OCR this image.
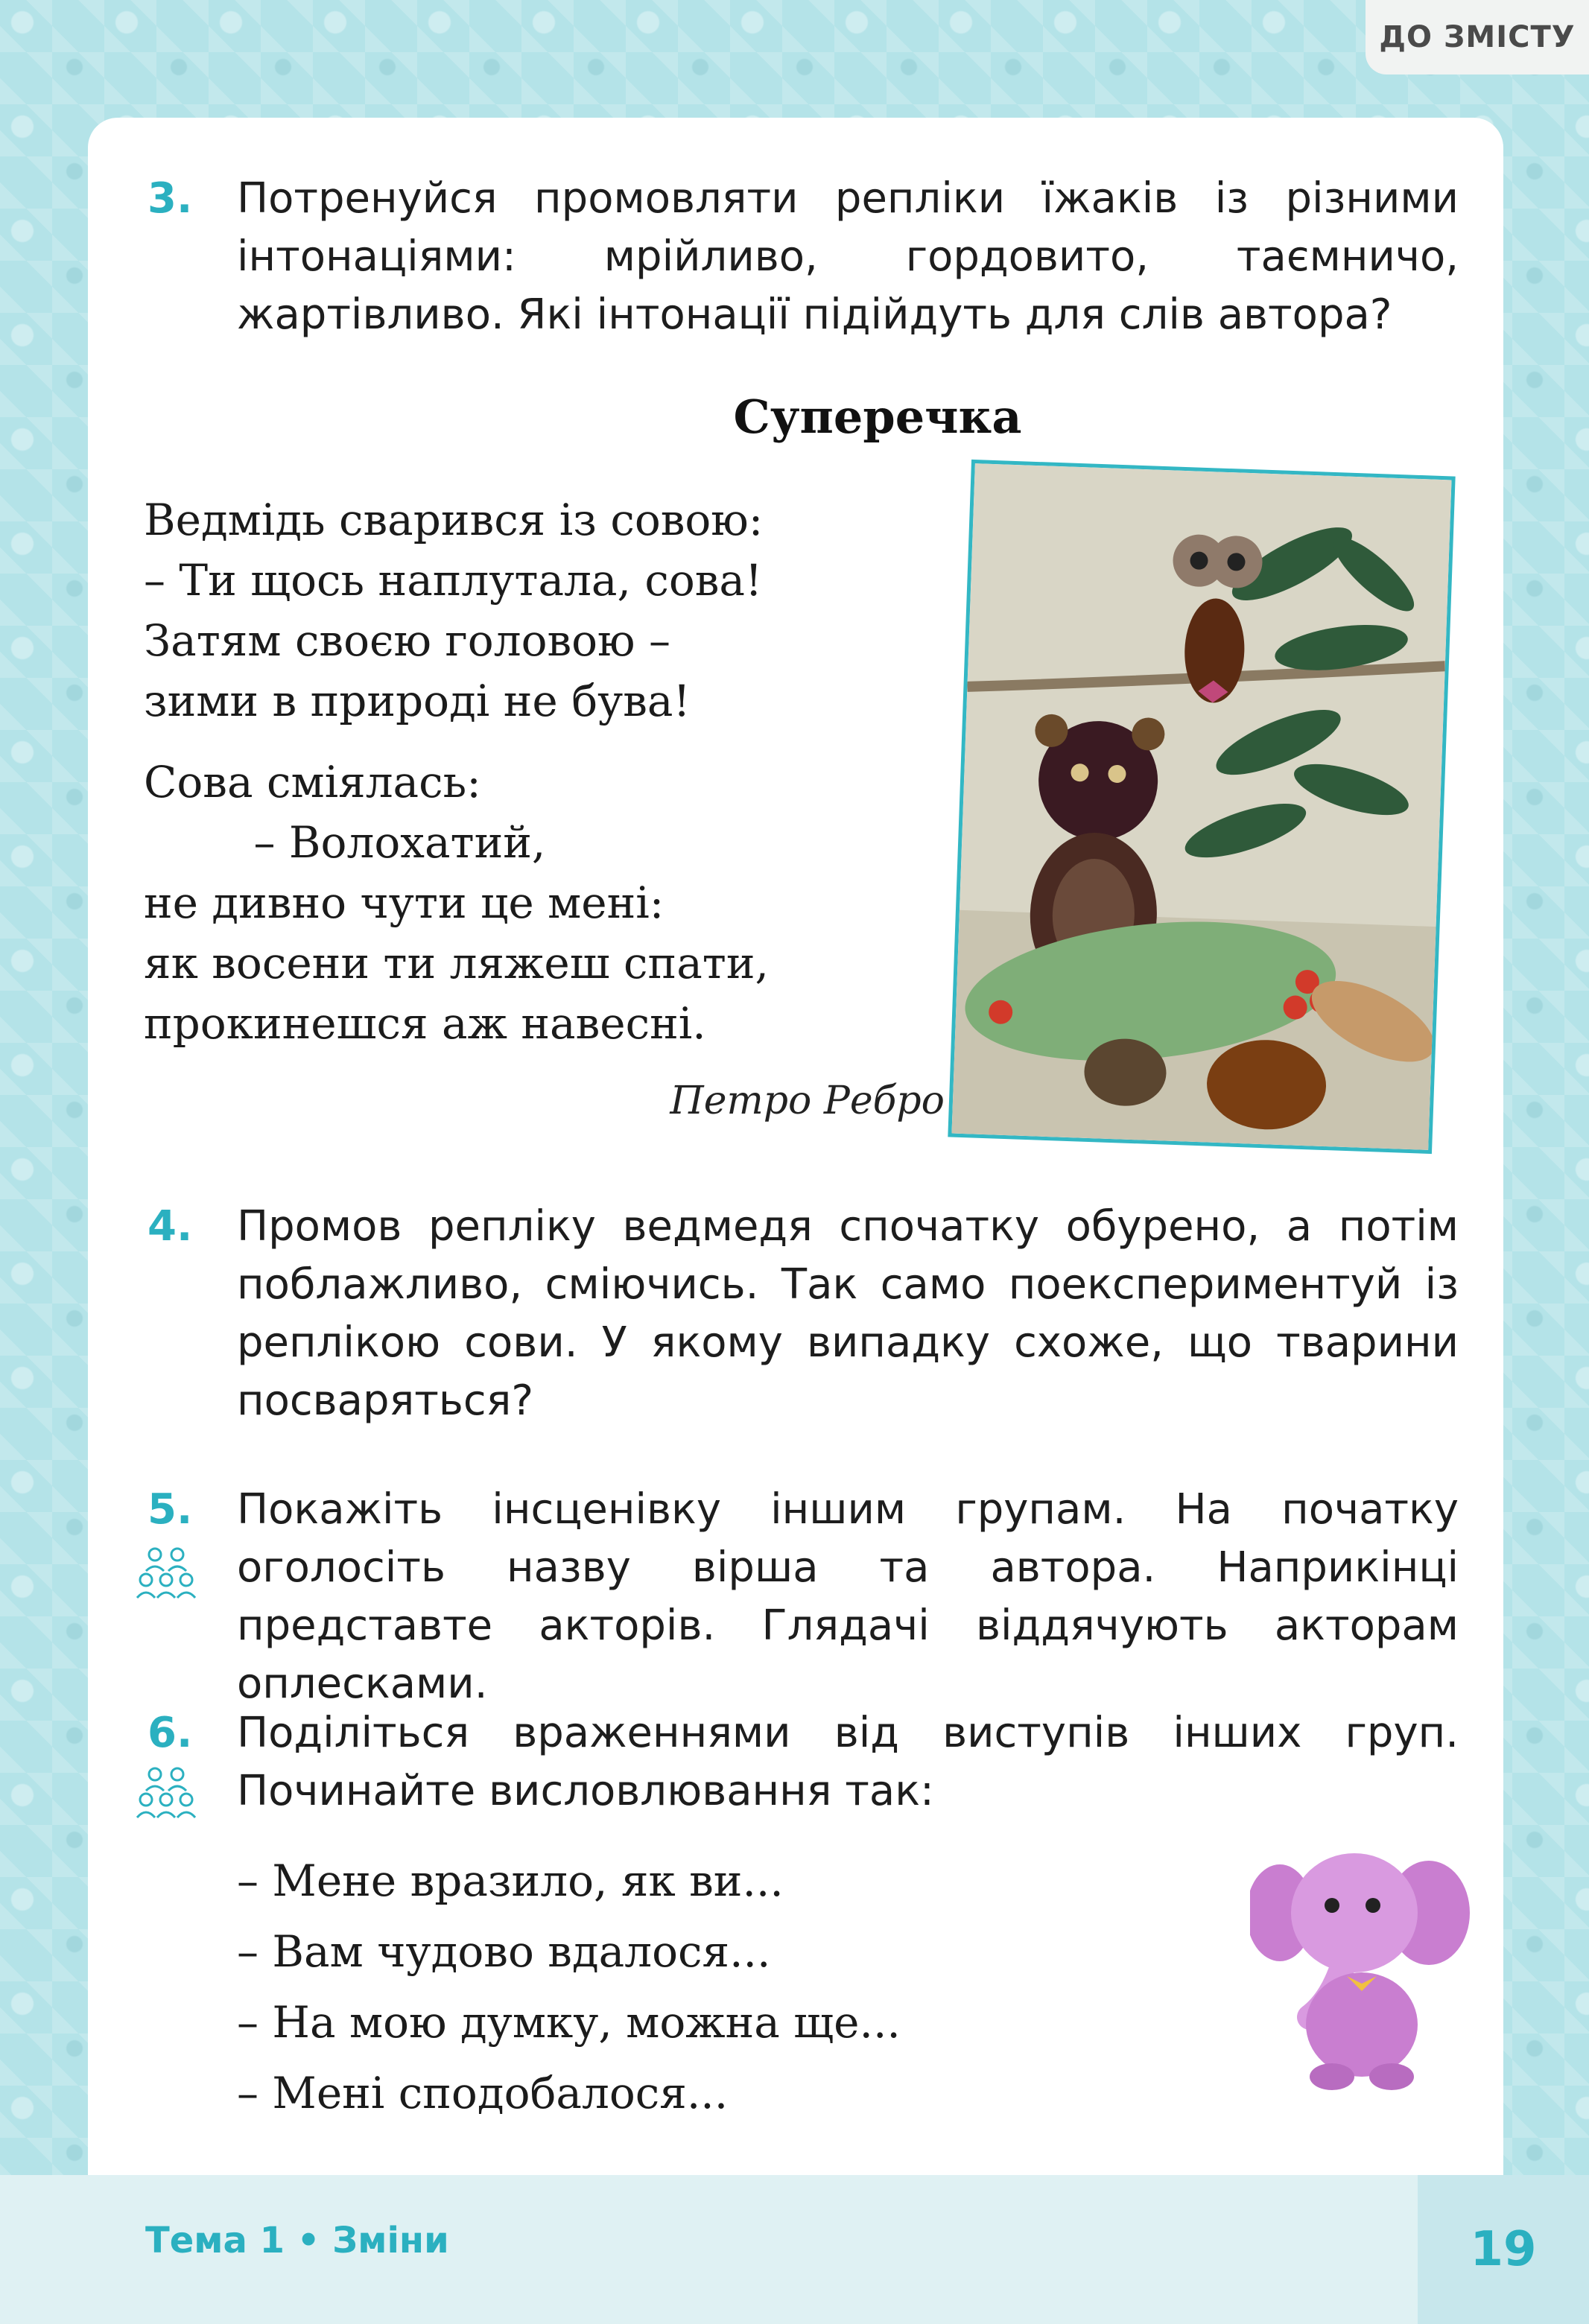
ДО ЗМІСТУ
3. Потренуйся промовляти репліки їжаків із різними інтонаціями: мрійливо, гордовито, таємничо, жартівливо. Які інтонації підійдуть для слів автора?
Суперечка
Ведмідь сварився із совою:
– Ти щось наплутала, сова!
Затям своєю головою –
зими в природі не бува!
Сова сміялась:
– Волохатий,
не дивно чути це мені:
як восени ти ляжеш спати,
прокинешся аж навесні.
Петро Ребро
4. Промов репліку ведмедя спочатку обурено, а потім поблажливо, сміючись. Так само поекспериментуй із реплікою сови. У якому випадку схоже, що тварини посваряться?
5. Покажіть інсценівку іншим групам. На початку оголосіть назву вірша та автора. Наприкінці представте акторів. Глядачі віддячують акторам оплесками.
6. Поділіться враженнями від виступів інших груп. Починайте висловлювання так:
– Мене вразило, як ви...
– Вам чудово вдалося...
– На мою думку, можна ще...
– Мені сподобалося...
Тема 1 • Зміни	19
